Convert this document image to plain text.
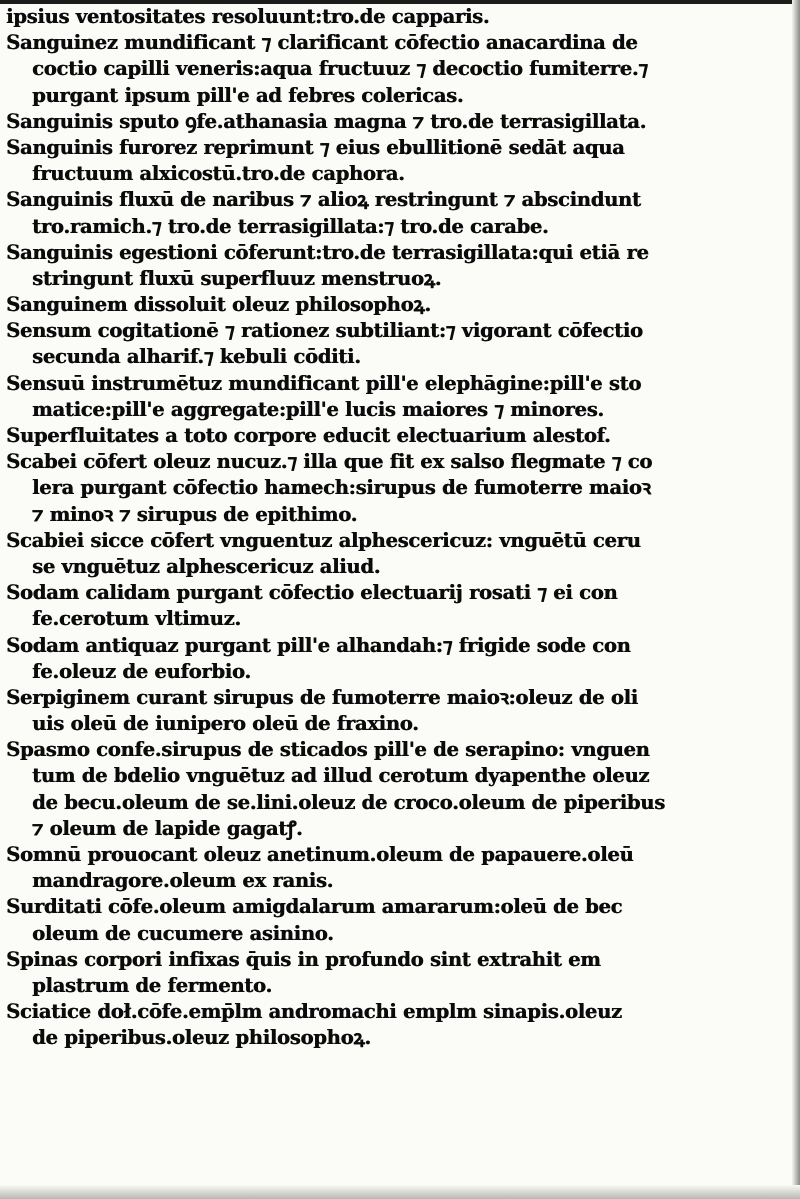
ipsius ventositates resoluunt:tro.de capparis.
Sanguinez mundificant ⁊ clarificant cōfectio anacardina de
coctio capilli veneris:aqua fructuuz ⁊ decoctio fumiterre.⁊
purgant ipsum pill'e ad febres colericas.
Sanguinis sputo ꝯfe.athanasia magna ⁊ tro.de terrasigillata.
Sanguinis furorez reprimunt ⁊ eius ebullitionē sedāt aqua
fructuum alxicostū.tro.de caphora.
Sanguinis fluxū de naribus ⁊ alioꝝ restringunt ⁊ abscindunt
tro.ramich.⁊ tro.de terrasigillata:⁊ tro.de carabe.
Sanguinis egestioni cōferunt:tro.de terrasigillata:qui etiā re
stringunt fluxū superfluuz menstruoꝝ.
Sanguinem dissoluit oleuz philosophoꝝ.
Sensum cogitationē ⁊ rationez subtiliant:⁊ vigorant cōfectio
secunda alharif.⁊ kebuli cōditi.
Sensuū instrumētuz mundificant pill'e elephāgine:pill'e sto
matice:pill'e aggregate:pill'e lucis maiores ⁊ minores.
Superfluitates a toto corpore educit electuarium alestof.
Scabei cōfert oleuz nucuz.⁊ illa que fit ex salso flegmate ⁊ co
lera purgant cōfectio hamech:sirupus de fumoterre maioꝛ
⁊ minoꝛ ⁊ sirupus de epithimo.
Scabiei sicce cōfert vnguentuz alphescericuz: vnguētū ceru
se vnguētuz alphescericuz aliud.
Sodam calidam purgant cōfectio electuarij rosati ⁊ ei con
fe.cerotum vltimuz.
Sodam antiquaz purgant pill'e alhandah:⁊ frigide sode con
fe.oleuz de euforbio.
Serpiginem curant sirupus de fumoterre maioꝛ:oleuz de oli
uis oleū de iunipero oleū de fraxino.
Spasmo confe.sirupus de sticados pill'e de serapino: vnguen
tum de bdelio vnguētuz ad illud cerotum dyapenthe oleuz
de becu.oleum de se.lini.oleuz de croco.oleum de piperibus
⁊ oleum de lapide gagatꝭ.
Somnū prouocant oleuz anetinum.oleum de papauere.oleū
mandragore.oleum ex ranis.
Surditati cōfe.oleum amigdalarum amararum:oleū de bec
oleum de cucumere asinino.
Spinas corpori infixas q̄uis in profundo sint extrahit em
plastrum de fermento.
Sciatice doł.cōfe.emp̄lm andromachi emplm sinapis.oleuz
de piperibus.oleuz philosophoꝝ.
